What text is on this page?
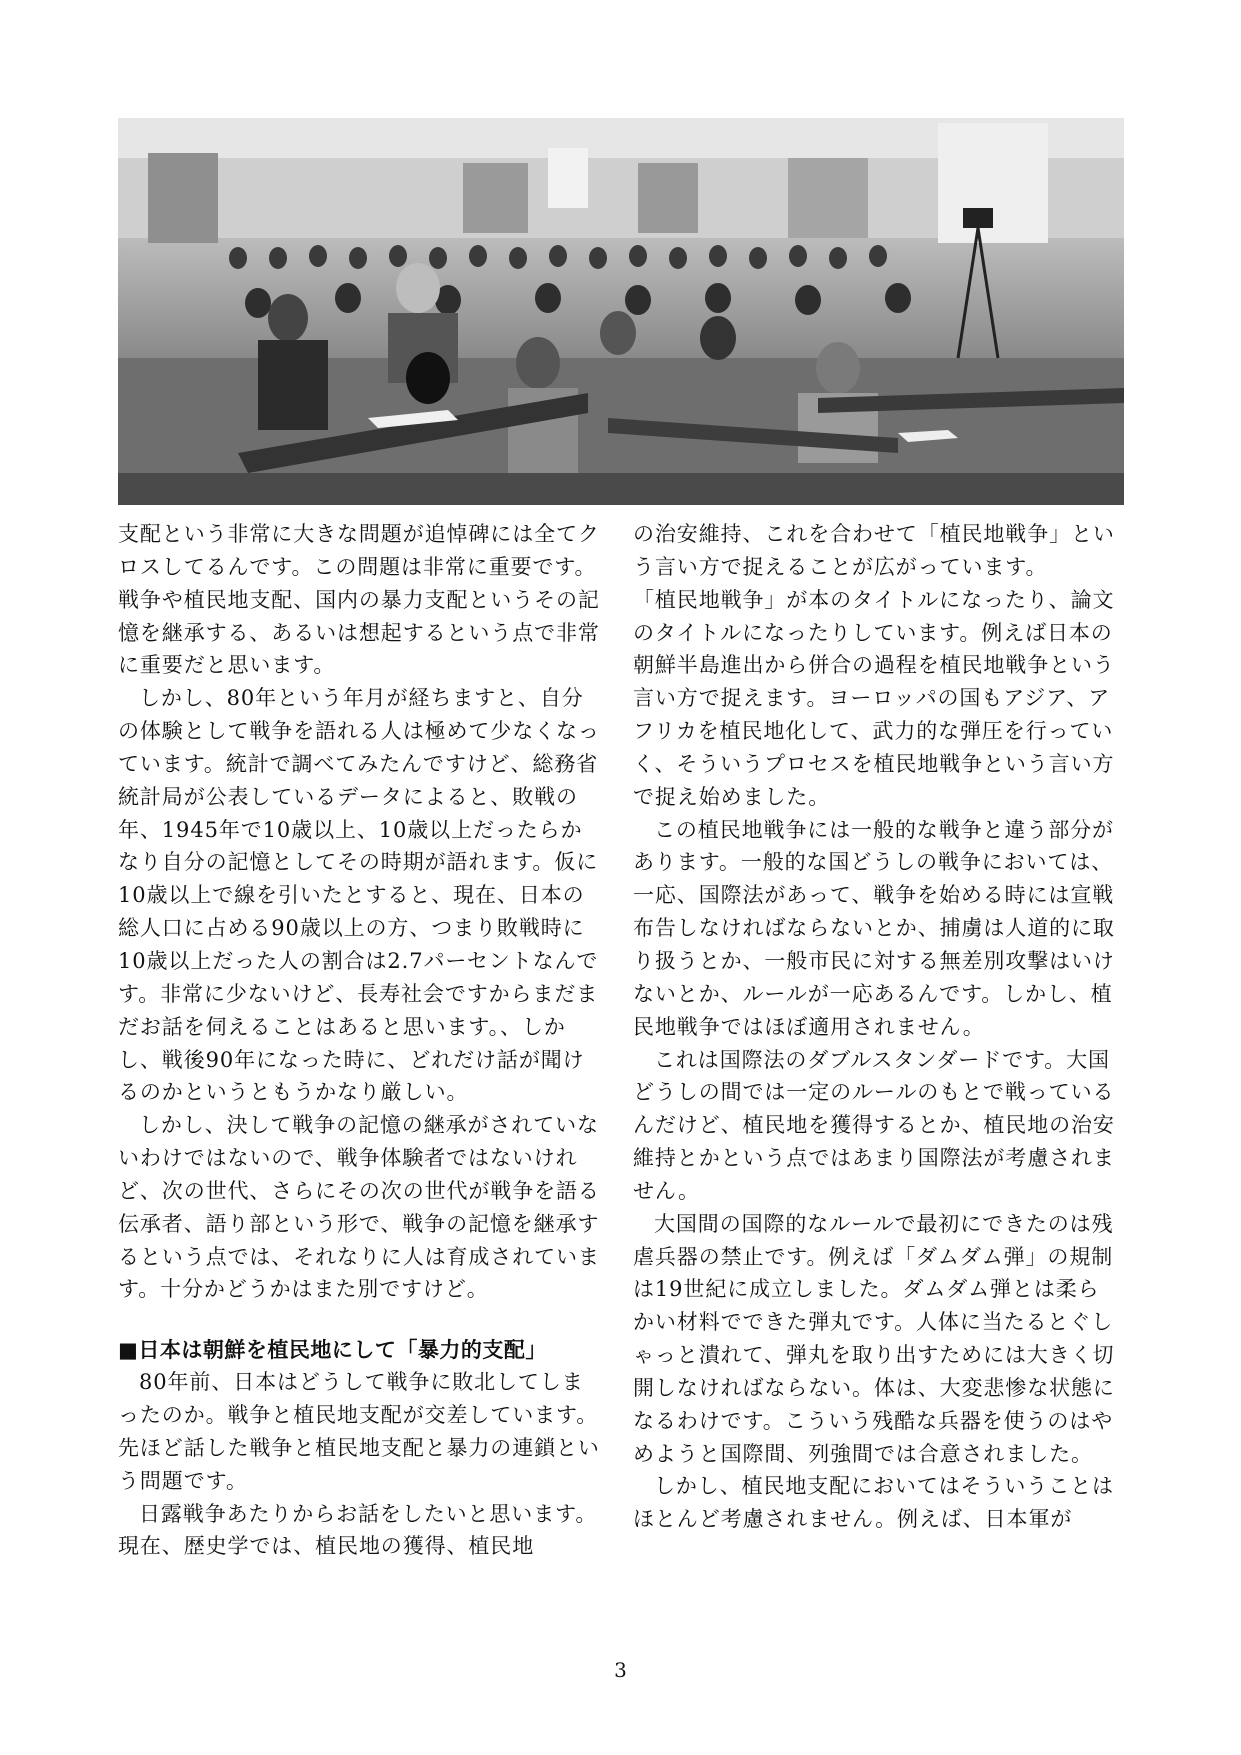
支配という非常に大きな問題が追悼碑には全てクロスしてるんです。この問題は非常に重要です。戦争や植民地支配、国内の暴力支配というその記憶を継承する、あるいは想起するという点で非常に重要だと思います。

しかし、80年という年月が経ちますと、自分の体験として戦争を語れる人は極めて少なくなっています。統計で調べてみたんですけど、総務省統計局が公表しているデータによると、敗戦の年、1945年で10歳以上、10歳以上だったらかなり自分の記憶としてその時期が語れます。仮に10歳以上で線を引いたとすると、現在、日本の総人口に占める90歳以上の方、つまり敗戦時に10歳以上だった人の割合は2.7パーセントなんです。非常に少ないけど、長寿社会ですからまだまだお話を伺えることはあると思います。、しかし、戦後90年になった時に、どれだけ話が聞けるのかというともうかなり厳しい。

しかし、決して戦争の記憶の継承がされていないわけではないので、戦争体験者ではないけれど、次の世代、さらにその次の世代が戦争を語る伝承者、語り部という形で、戦争の記憶を継承するという点では、それなりに人は育成されています。十分かどうかはまた別ですけど。

■日本は朝鮮を植民地にして「暴力的支配」

80年前、日本はどうして戦争に敗北してしまったのか。戦争と植民地支配が交差しています。先ほど話した戦争と植民地支配と暴力の連鎖という問題です。

日露戦争あたりからお話をしたいと思います。現在、歴史学では、植民地の獲得、植民地

の治安維持、これを合わせて「植民地戦争」という言い方で捉えることが広がっています。

「植民地戦争」が本のタイトルになったり、論文のタイトルになったりしています。例えば日本の朝鮮半島進出から併合の過程を植民地戦争という言い方で捉えます。ヨーロッパの国もアジア、アフリカを植民地化して、武力的な弾圧を行っていく、そういうプロセスを植民地戦争という言い方で捉え始めました。

この植民地戦争には一般的な戦争と違う部分があります。一般的な国どうしの戦争においては、一応、国際法があって、戦争を始める時には宣戦布告しなければならないとか、捕虜は人道的に取り扱うとか、一般市民に対する無差別攻撃はいけないとか、ルールが一応あるんです。しかし、植民地戦争ではほぼ適用されません。

これは国際法のダブルスタンダードです。大国どうしの間では一定のルールのもとで戦っているんだけど、植民地を獲得するとか、植民地の治安維持とかという点ではあまり国際法が考慮されません。

大国間の国際的なルールで最初にできたのは残虐兵器の禁止です。例えば「ダムダム弾」の規制は19世紀に成立しました。ダムダム弾とは柔らかい材料でできた弾丸です。人体に当たるとぐしゃっと潰れて、弾丸を取り出すためには大きく切開しなければならない。体は、大変悲惨な状態になるわけです。こういう残酷な兵器を使うのはやめようと国際間、列強間では合意されました。

しかし、植民地支配においてはそういうことはほとんど考慮されません。例えば、日本軍が

3
